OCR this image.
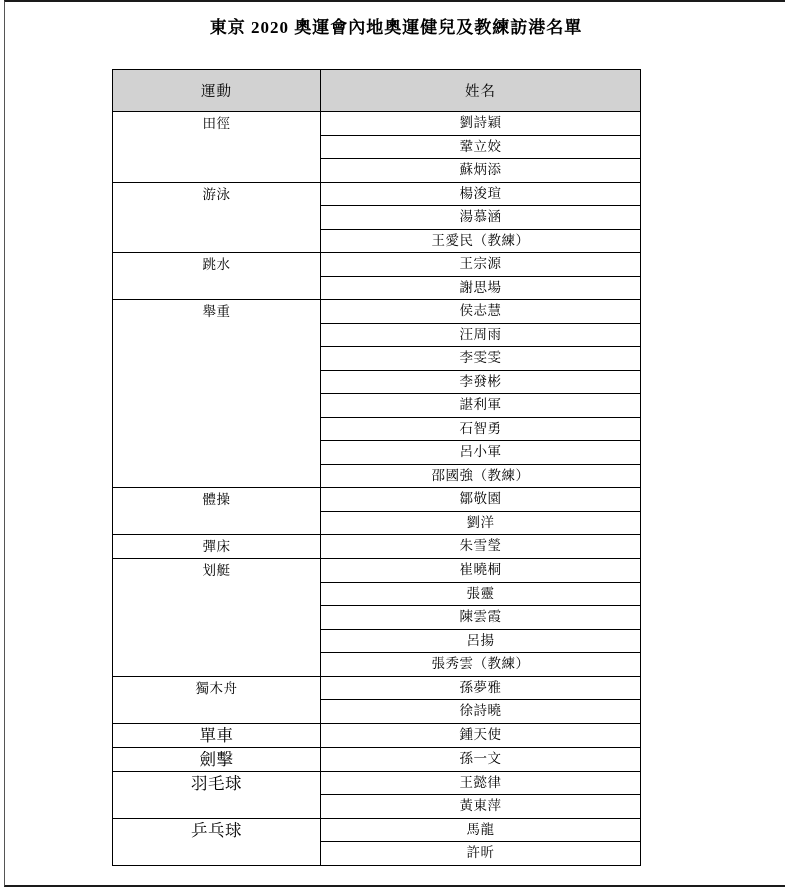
東京 2020 奧運會內地奧運健兒及教練訪港名單
運動	姓名
田徑	劉詩穎
	鞏立姣
	蘇炳添
游泳	楊浚瑄
	湯慕涵
	王愛民（教練）
跳水	王宗源
	謝思場
舉重	侯志慧
	汪周雨
	李雯雯
	李發彬
	諶利軍
	石智勇
	呂小軍
	邵國強（教練）
體操	鄒敬園
	劉洋
彈床	朱雪瑩
划艇	崔曉桐
	張靈
	陳雲霞
	呂揚
	張秀雲（教練）
獨木舟	孫夢雅
	徐詩曉
單車	鍾天使
劍擊	孫一文
羽毛球	王懿律
	黃東萍
乒乓球	馬龍
	許昕
